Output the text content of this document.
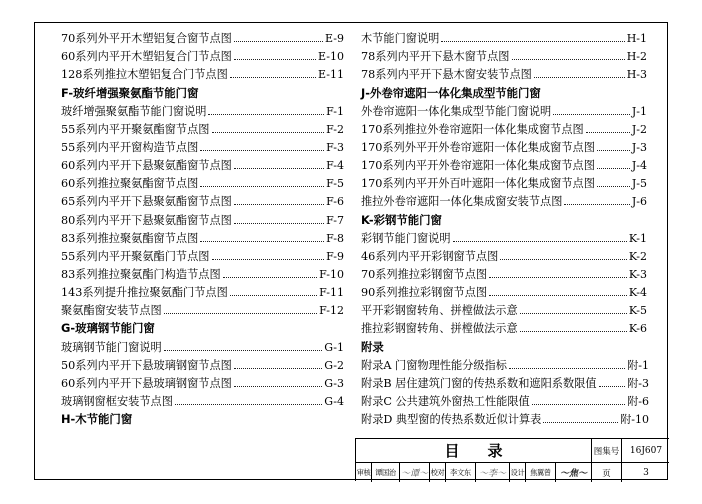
70系列外平开木塑铝复合窗节点图	E-9
60系列内平开木塑铝复合门节点图	E-10
128系列推拉木塑铝复合门节点图	E-11
F-玻纤增强聚氨酯节能门窗
玻纤增强聚氨酯节能门窗说明	F-1
55系列内平开聚氨酯窗节点图	F-2
55系列内平开窗构造节点图	F-3
60系列内平开下悬聚氨酯窗节点图	F-4
60系列推拉聚氨酯窗节点图	F-5
65系列内平开下悬聚氨酯窗节点图	F-6
80系列内平开下悬聚氨酯窗节点图	F-7
83系列推拉聚氨酯窗节点图	F-8
55系列内平开聚氨酯门节点图	F-9
83系列推拉聚氨酯门构造节点图	F-10
143系列提升推拉聚氨酯门节点图	F-11
聚氨酯窗安装节点图	F-12
G-玻璃钢节能门窗
玻璃钢节能门窗说明	G-1
50系列内平开下悬玻璃钢窗节点图	G-2
60系列内平开下悬玻璃钢窗节点图	G-3
玻璃钢窗框安装节点图	G-4
H-木节能门窗
木节能门窗说明	H-1
78系列内平开下悬木窗节点图	H-2
78系列内平开下悬木窗安装节点图	H-3
J-外卷帘遮阳一体化集成型节能门窗
外卷帘遮阳一体化集成型节能门窗说明	J-1
170系列推拉外卷帘遮阳一体化集成窗节点图	J-2
170系列外平开外卷帘遮阳一体化集成窗节点图	J-3
170系列内平开外卷帘遮阳一体化集成窗节点图	J-4
170系列内平开外百叶遮阳一体化集成窗节点图	J-5
推拉外卷帘遮阳一体化集成窗安装节点图	J-6
K-彩钢节能门窗
彩钢节能门窗说明	K-1
46系列内平开彩钢窗节点图	K-2
70系列推拉彩钢窗节点图	K-3
90系列推拉彩钢窗节点图	K-4
平开彩钢窗转角、拼樘做法示意	K-5
推拉彩钢窗转角、拼樘做法示意	K-6
附录
附录A 门窗物理性能分级指标	附-1
附录B 居住建筑门窗的传热系数和遮阳系数限值	附-3
附录C 公共建筑外窗热工性能限值	附-6
附录D 典型窗的传热系数近似计算表	附-10
目录	图集号	16J607
审核 谭国治 〜谭〜 校对 李文东 〜李〜 设计 焦翼曾	〜焦〜	页	3
